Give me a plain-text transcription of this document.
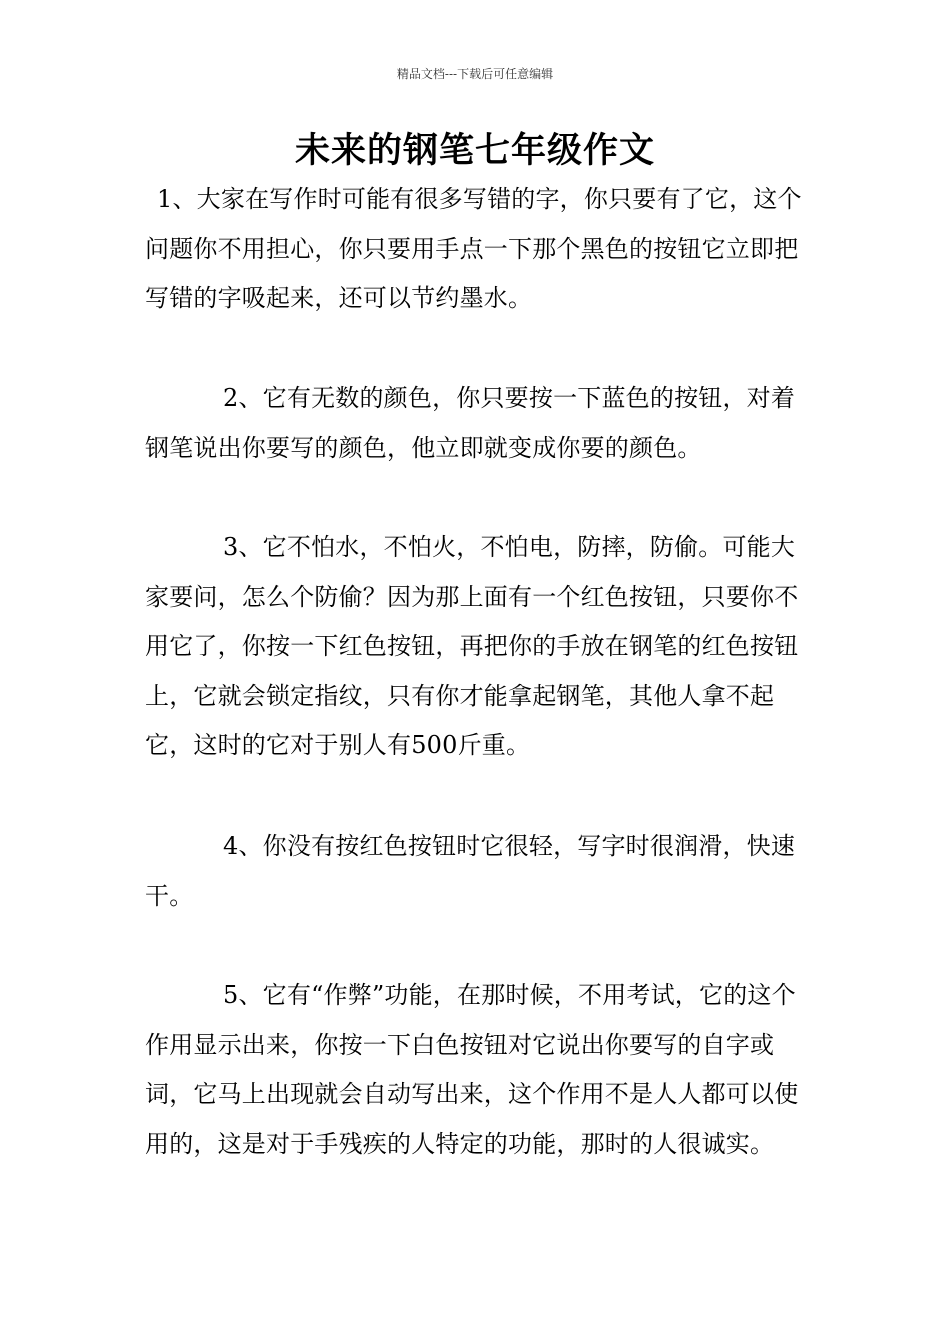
精品文档---下载后可任意编辑
未来的钢笔七年级作文

1、大家在写作时可能有很多写错的字，你只要有了它，这个问题你不用担心，你只要用手点一下那个黑色的按钮它立即把写错的字吸起来，还可以节约墨水。

2、它有无数的颜色，你只要按一下蓝色的按钮，对着钢笔说出你要写的颜色，他立即就变成你要的颜色。

3、它不怕水，不怕火，不怕电，防摔，防偷。可能大家要问，怎么个防偷？因为那上面有一个红色按钮，只要你不用它了，你按一下红色按钮，再把你的手放在钢笔的红色按钮上，它就会锁定指纹，只有你才能拿起钢笔，其他人拿不起它，这时的它对于别人有500斤重。

4、你没有按红色按钮时它很轻，写字时很润滑，快速干。

5、它有“作弊”功能，在那时候，不用考试，它的这个作用显示出来，你按一下白色按钮对它说出你要写的自字或词，它马上出现就会自动写出来，这个作用不是人人都可以使用的，这是对于手残疾的人特定的功能，那时的人很诚实。
